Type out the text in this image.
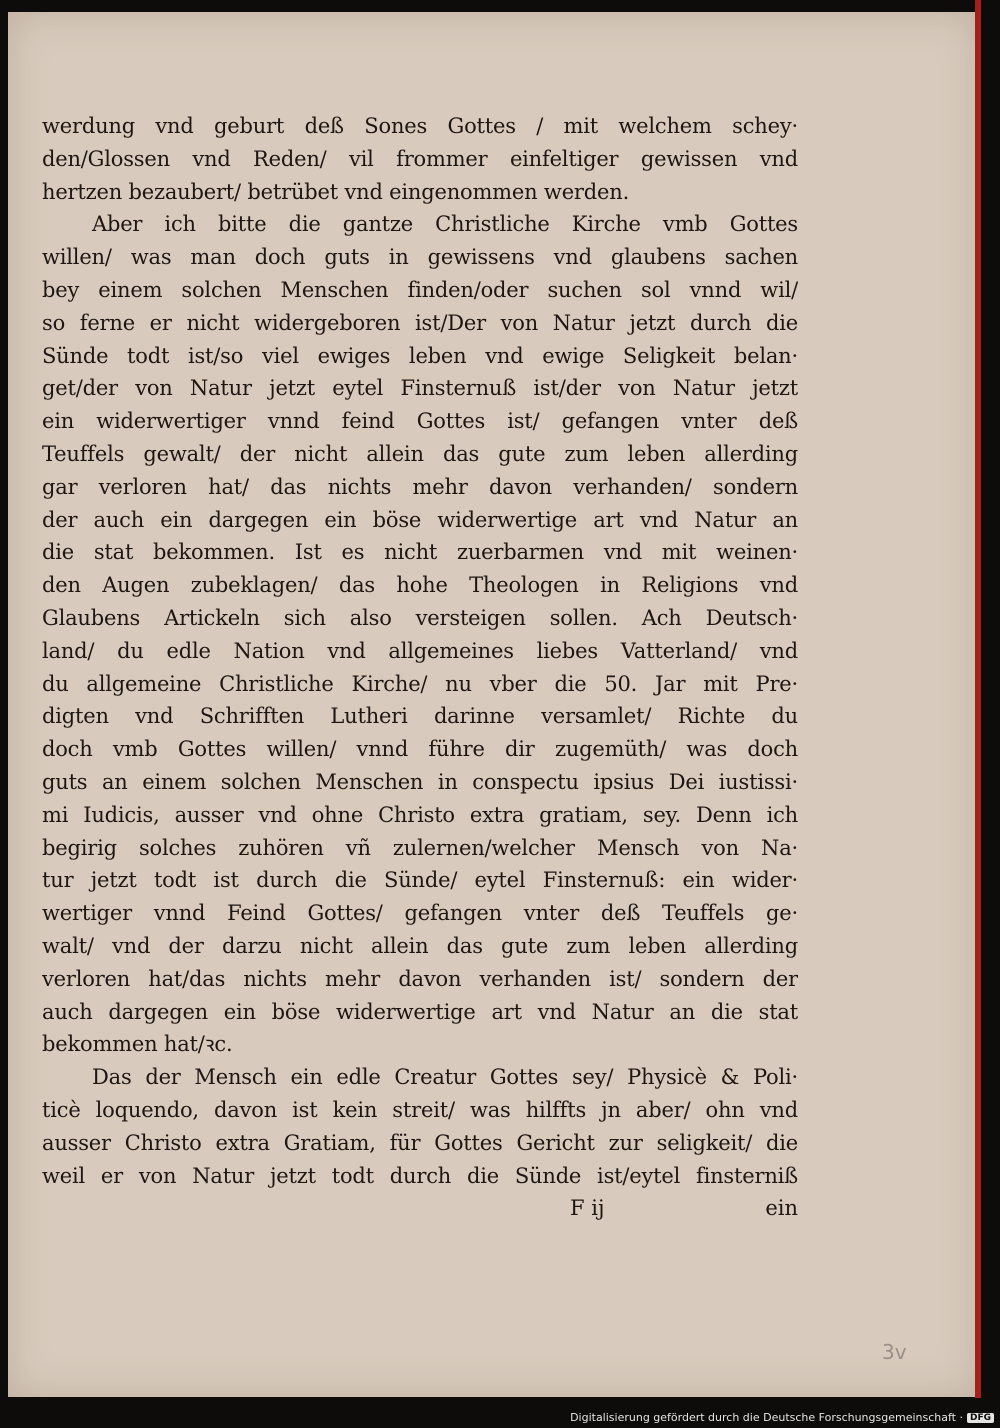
werdung vnd geburt deß Sones Gottes / mit welchem schey·
den/Glossen vnd Reden/ vil frommer einfeltiger gewissen vnd
hertzen bezaubert/ betrübet vnd eingenommen werden.
Aber ich bitte die gantze Christliche Kirche vmb Gottes
willen/ was man doch guts in gewissens vnd glaubens sachen
bey einem solchen Menschen finden/oder suchen sol vnnd wil/
so ferne er nicht widergeboren ist/Der von Natur jetzt durch die
Sünde todt ist/so viel ewiges leben vnd ewige Seligkeit belan·
get/der von Natur jetzt eytel Finsternuß ist/der von Natur jetzt
ein widerwertiger vnnd feind Gottes ist/ gefangen vnter deß
Teuffels gewalt/ der nicht allein das gute zum leben allerding
gar verloren hat/ das nichts mehr davon verhanden/ sondern
der auch ein dargegen ein böse widerwertige art vnd Natur an
die stat bekommen. Ist es nicht zuerbarmen vnd mit weinen·
den Augen zubeklagen/ das hohe Theologen in Religions vnd
Glaubens Artickeln sich also versteigen sollen. Ach Deutsch·
land/ du edle Nation vnd allgemeines liebes Vatterland/ vnd
du allgemeine Christliche Kirche/ nu vber die 50. Jar mit Pre·
digten vnd Schrifften Lutheri darinne versamlet/ Richte du
doch vmb Gottes willen/ vnnd führe dir zugemüth/ was doch
guts an einem solchen Menschen in conspectu ipsius Dei iustissi·
mi Iudicis, ausser vnd ohne Christo extra gratiam, sey. Denn ich
begirig solches zuhören vñ zulernen/welcher Mensch von Na·
tur jetzt todt ist durch die Sünde/ eytel Finsternuß: ein wider·
wertiger vnnd Feind Gottes/ gefangen vnter deß Teuffels ge·
walt/ vnd der darzu nicht allein das gute zum leben allerding
verloren hat/das nichts mehr davon verhanden ist/ sondern der
auch dargegen ein böse widerwertige art vnd Natur an die stat
bekommen hat/ꝛc.
Das der Mensch ein edle Creatur Gottes sey/ Physicè & Poli·
ticè loquendo, davon ist kein streit/ was hilffts jn aber/ ohn vnd
ausser Christo extra Gratiam, für Gottes Gericht zur seligkeit/ die
weil er von Natur jetzt todt durch die Sünde ist/eytel finsterniß
F ij	ein
3v
Digitalisierung gefördert durch die Deutsche Forschungsgemeinschaft · DFG
